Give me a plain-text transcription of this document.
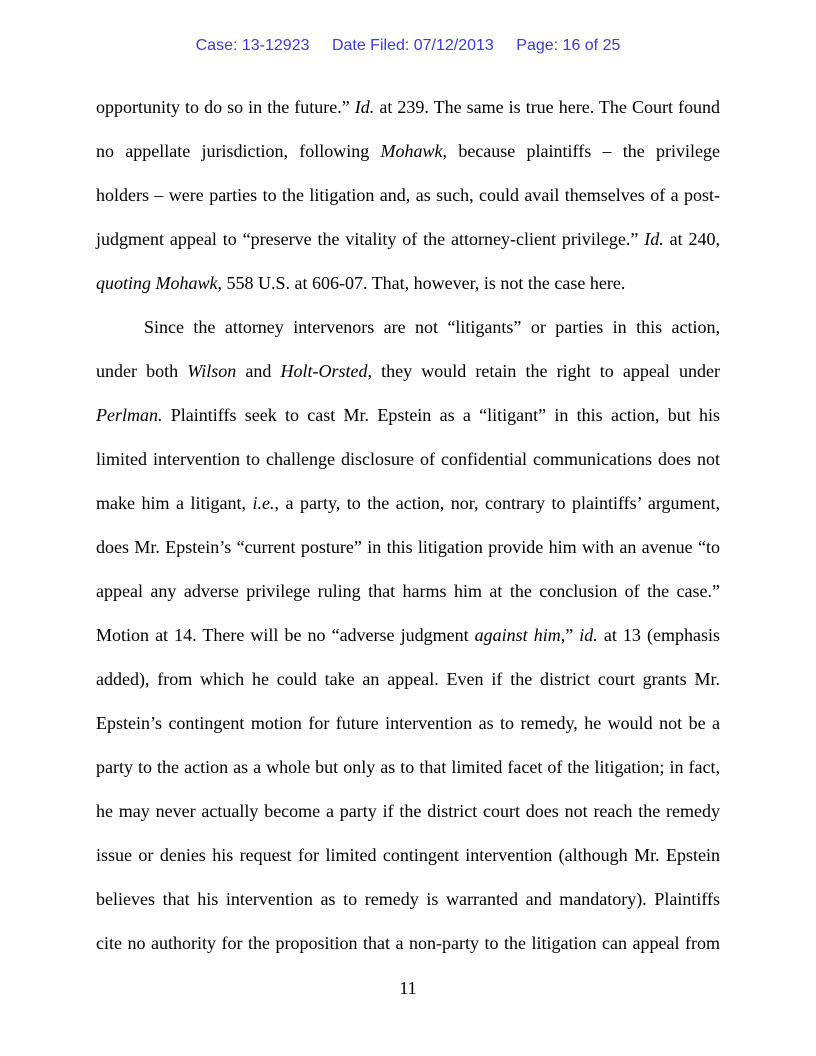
Case: 13-12923 Date Filed: 07/12/2013 Page: 16 of 25
opportunity to do so in the future.” Id. at 239. The same is true here. The Court found
no appellate jurisdiction, following Mohawk, because plaintiffs – the privilege
holders – were parties to the litigation and, as such, could avail themselves of a post-
judgment appeal to “preserve the vitality of the attorney-client privilege.” Id. at 240,
quoting Mohawk, 558 U.S. at 606-07. That, however, is not the case here.
Since the attorney intervenors are not “litigants” or parties in this action,
under both Wilson and Holt-Orsted, they would retain the right to appeal under
Perlman. Plaintiffs seek to cast Mr. Epstein as a “litigant” in this action, but his
limited intervention to challenge disclosure of confidential communications does not
make him a litigant, i.e., a party, to the action, nor, contrary to plaintiffs’ argument,
does Mr. Epstein’s “current posture” in this litigation provide him with an avenue “to
appeal any adverse privilege ruling that harms him at the conclusion of the case.”
Motion at 14. There will be no “adverse judgment against him,” id. at 13 (emphasis
added), from which he could take an appeal. Even if the district court grants Mr.
Epstein’s contingent motion for future intervention as to remedy, he would not be a
party to the action as a whole but only as to that limited facet of the litigation; in fact,
he may never actually become a party if the district court does not reach the remedy
issue or denies his request for limited contingent intervention (although Mr. Epstein
believes that his intervention as to remedy is warranted and mandatory). Plaintiffs
cite no authority for the proposition that a non-party to the litigation can appeal from
11
